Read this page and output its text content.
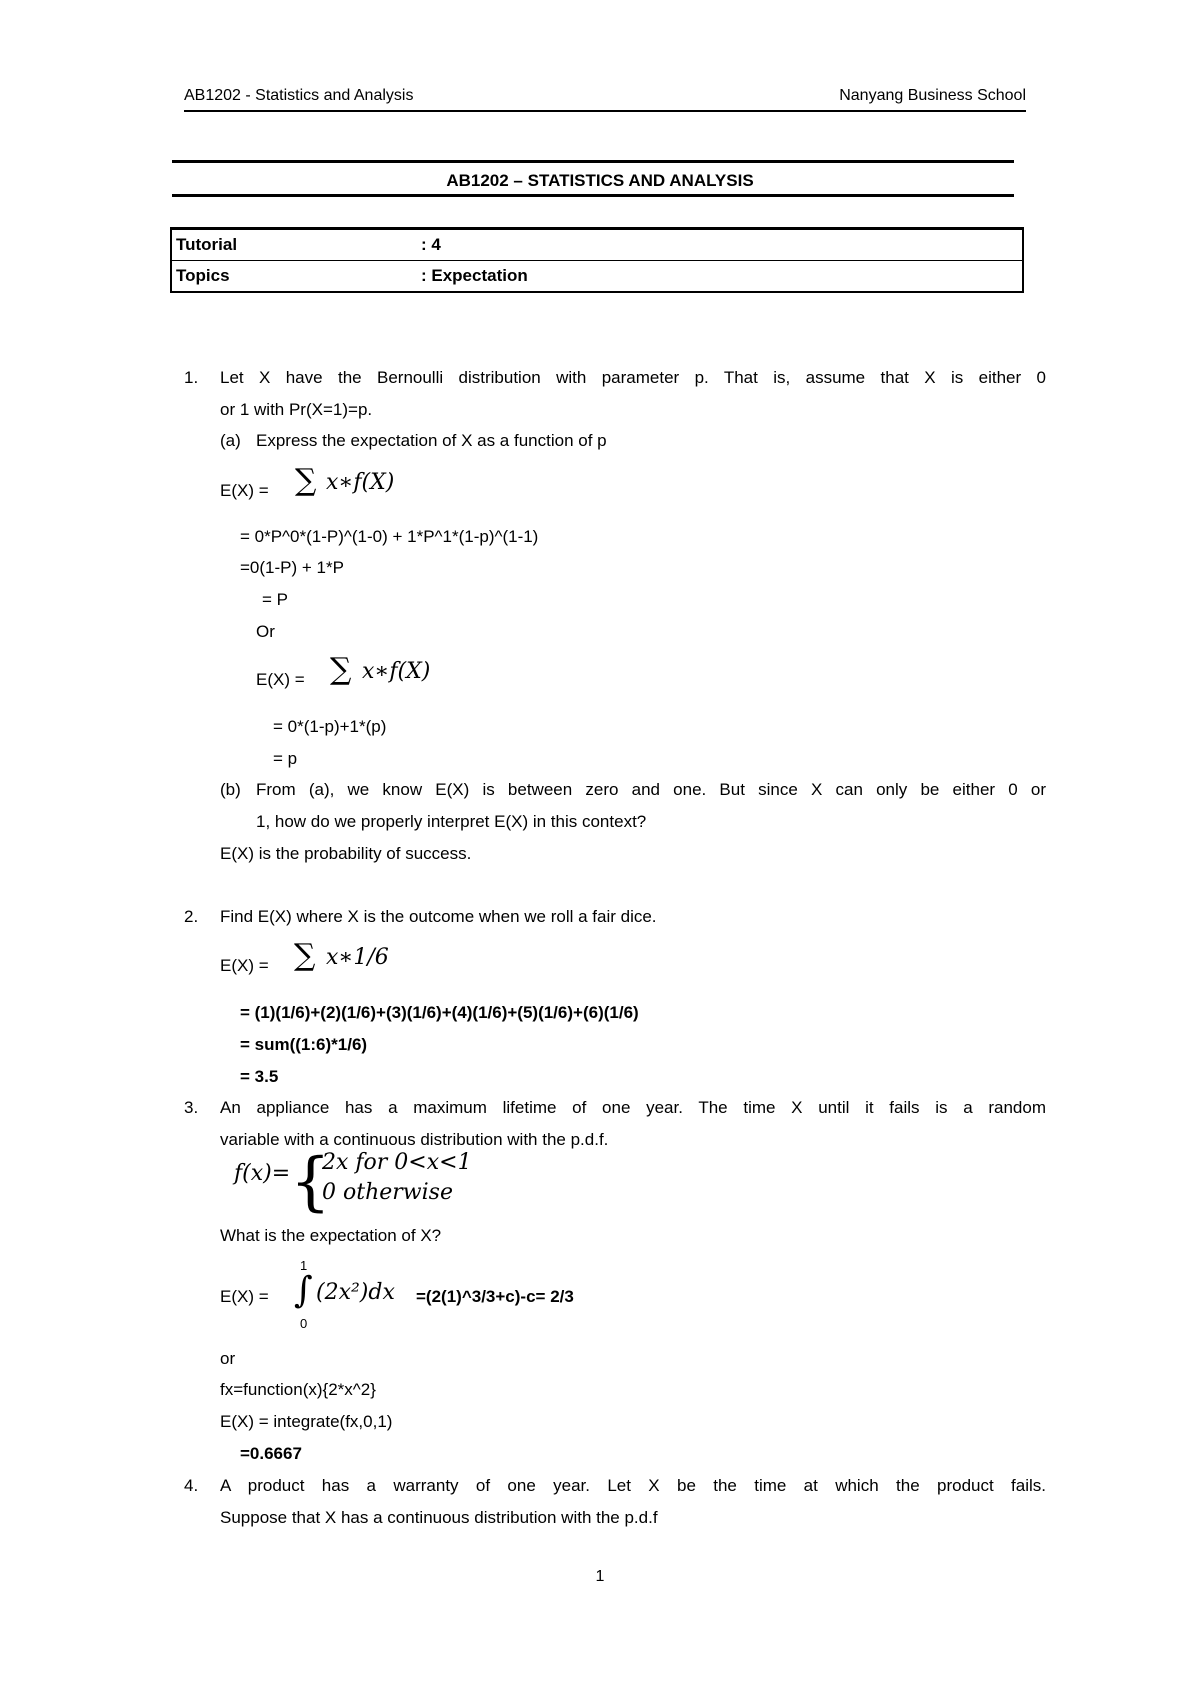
AB1202 - Statistics and Analysis	Nanyang Business School
AB1202 – STATISTICS AND ANALYSIS
Tutorial	: 4
Topics	: Expectation
1. Let X have the Bernoulli distribution with parameter p. That is, assume that X is either 0
or 1 with Pr(X=1)=p.
(a) Express the expectation of X as a function of p
E(X) = ∑ x∗f(X)
= 0*P^0*(1-P)^(1-0) + 1*P^1*(1-p)^(1-1)
=0(1-P) + 1*P
= P
Or
E(X) = ∑ x∗f(X)
= 0*(1-p)+1*(p)
= p
(b) From (a), we know E(X) is between zero and one. But since X can only be either 0 or
1, how do we properly interpret E(X) in this context?
E(X) is the probability of success.
2. Find E(X) where X is the outcome when we roll a fair dice.
E(X) = ∑ x∗1/6
= (1)(1/6)+(2)(1/6)+(3)(1/6)+(4)(1/6)+(5)(1/6)+(6)(1/6)
= sum((1:6)*1/6)
= 3.5
3. An appliance has a maximum lifetime of one year. The time X until it fails is a random
variable with a continuous distribution with the p.d.f.
f(x)= {
2x for 0<x<1
0 otherwise
What is the expectation of X?
E(X) =
1
∫
0
(2x²)dx =(2(1)^3/3+c)-c= 2/3
or
fx=function(x){2*x^2}
E(X) = integrate(fx,0,1)
=0.6667
4. A product has a warranty of one year. Let X be the time at which the product fails.
Suppose that X has a continuous distribution with the p.d.f
1
